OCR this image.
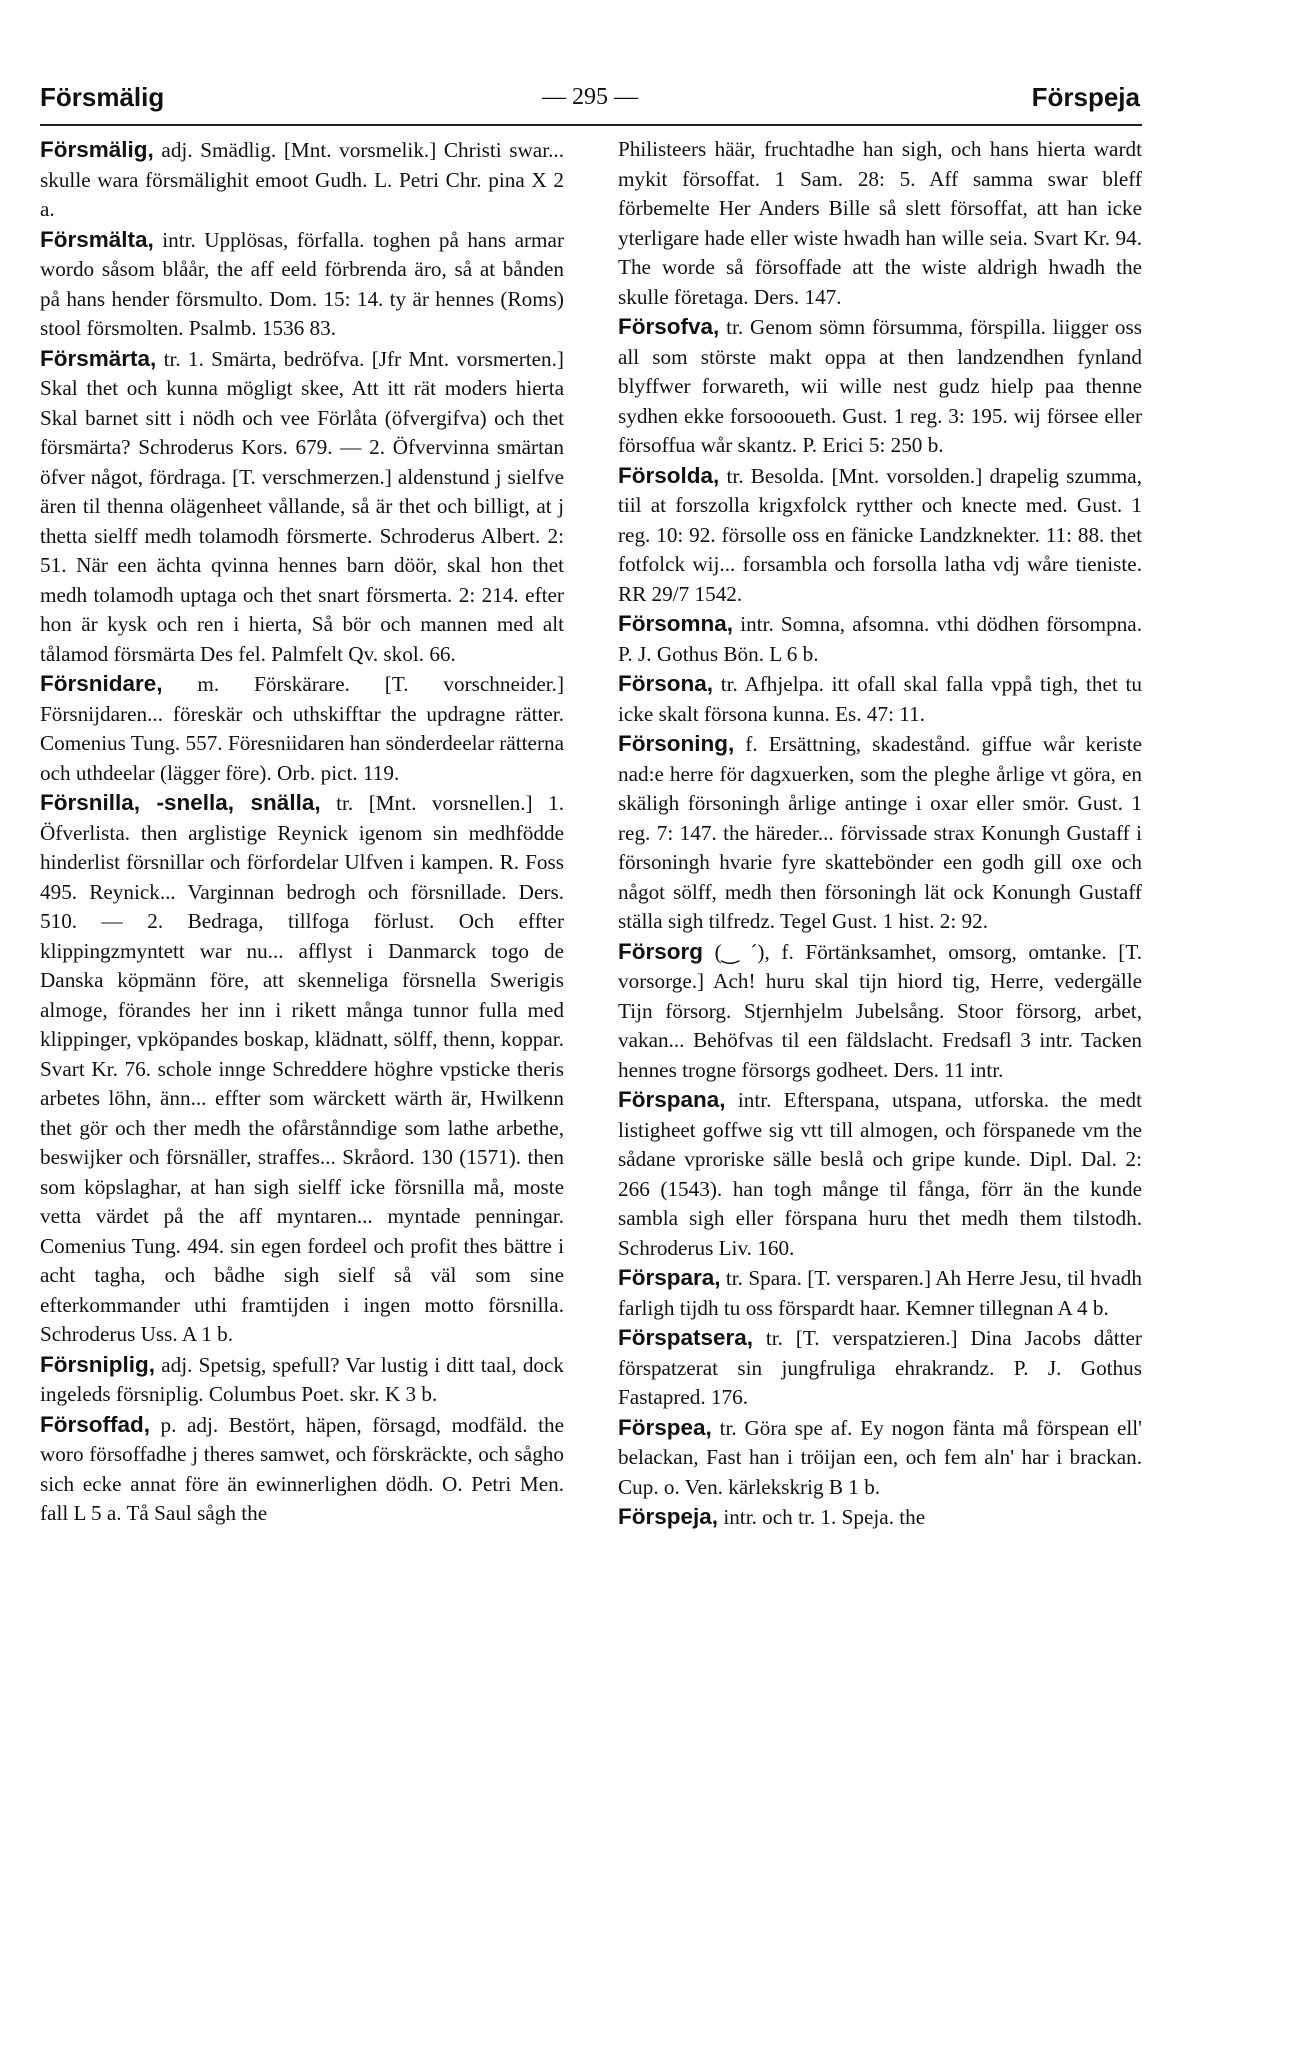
Försmälig	— 295 —	Förspeja

Försmälig, adj. Smädlig. [Mnt. vorsmelik.] Christi swar... skulle wara försmälighit emoot Gudh. L. Petri Chr. pina X 2 a.

Försmälta, intr. Upplösas, förfalla. toghen på hans armar wordo såsom blåår, the aff eeld förbrenda äro, så at bånden på hans hender försmulto. Dom. 15: 14. ty är hennes (Roms) stool försmolten. Psalmb. 1536 83.

Försmärta, tr. 1. Smärta, bedröfva. [Jfr Mnt. vorsmerten.] Skal thet och kunna mögligt skee, Att itt rät moders hierta Skal barnet sitt i nödh och vee Förlåta (öfvergifva) och thet försmärta? Schroderus Kors. 679. — 2. Öfvervinna smärtan öfver något, fördraga. [T. verschmerzen.] aldenstund j sielfve ären til thenna olägenheet vållande, så är thet och billigt, at j thetta sielff medh tolamodh försmerte. Schroderus Albert. 2: 51. När een ächta qvinna hennes barn döör, skal hon thet medh tolamodh uptaga och thet snart försmerta. 2: 214. efter hon är kysk och ren i hierta, Så bör och mannen med alt tålamod försmärta Des fel. Palmfelt Qv. skol. 66.

Försnidare, m. Förskärare. [T. vorschneider.] Försnijdaren... föreskär och uthskifftar the updragne rätter. Comenius Tung. 557. Föresniidaren han sönderdeelar rätterna och uthdeelar (lägger före). Orb. pict. 119.

Försnilla, -snella, snälla, tr. [Mnt. vorsnellen.] 1. Öfverlista. then arglistige Reynick igenom sin medhfödde hinderlist försnillar och förfordelar Ulfven i kampen. R. Foss 495. Reynick... Varginnan bedrogh och försnillade. Ders. 510. — 2. Bedraga, tillfoga förlust. Och effter klippingzmyntett war nu... afflyst i Danmarck togo de Danska köpmänn före, att skenneliga försnella Swerigis almoge, förandes her inn i rikett många tunnor fulla med klippinger, vpköpandes boskap, klädnatt, sölff, thenn, koppar. Svart Kr. 76. schole innge Schreddere höghre vpsticke theris arbetes löhn, änn... effter som wärckett wärth är, Hwilkenn thet gör och ther medh the ofårstånndige som lathe arbethe, beswijker och försnäller, straffes... Skråord. 130 (1571). then som köpslaghar, at han sigh sielff icke försnilla må, moste vetta värdet på the aff myntaren... myntade penningar. Comenius Tung. 494. sin egen fordeel och profit thes bättre i acht tagha, och bådhe sigh sielf så väl som sine efterkommander uthi framtijden i ingen motto försnilla. Schroderus Uss. A 1 b.

Försniplig, adj. Spetsig, spefull? Var lustig i ditt taal, dock ingeleds försniplig. Columbus Poet. skr. K 3 b.

Försoffad, p. adj. Bestört, häpen, försagd, modfäld. the woro försoffadhe j theres samwet, och förskräckte, och sågho sich ecke annat före än ewinnerlighen dödh. O. Petri Men. fall L 5 a. Tå Saul sågh the

Philisteers häär, fruchtadhe han sigh, och hans hierta wardt mykit försoffat. 1 Sam. 28: 5. Aff samma swar bleff förbemelte Her Anders Bille så slett försoffat, att han icke yterligare hade eller wiste hwadh han wille seia. Svart Kr. 94. The worde så försoffade att the wiste aldrigh hwadh the skulle företaga. Ders. 147.

Försofva, tr. Genom sömn försumma, förspilla. liigger oss all som störste makt oppa at then landzendhen fynland blyffwer forwareth, wii wille nest gudz hielp paa thenne sydhen ekke forsoooueth. Gust. 1 reg. 3: 195. wij försee eller försoffua wår skantz. P. Erici 5: 250 b.

Försolda, tr. Besolda. [Mnt. vorsolden.] drapelig szumma, tiil at forszolla krigxfolck rytther och knecte med. Gust. 1 reg. 10: 92. försolle oss en fänicke Landzknekter. 11: 88. thet fotfolck wij... forsambla och forsolla latha vdj wåre tieniste. RR 29/7 1542.

Försomna, intr. Somna, afsomna. vthi dödhen försompna. P. J. Gothus Bön. L 6 b.

Försona, tr. Afhjelpa. itt ofall skal falla vppå tigh, thet tu icke skalt försona kunna. Es. 47: 11.

Försoning, f. Ersättning, skadestånd. giffue wår keriste nad:e herre för dagxuerken, som the pleghe årlige vt göra, en skäligh försoningh årlige antinge i oxar eller smör. Gust. 1 reg. 7: 147. the häreder... förvissade strax Konungh Gustaff i försoningh hvarie fyre skattebönder een godh gill oxe och något sölff, medh then försoningh lät ock Konungh Gustaff ställa sigh tilfredz. Tegel Gust. 1 hist. 2: 92.

Försorg (‿ ´), f. Förtänksamhet, omsorg, omtanke. [T. vorsorge.] Ach! huru skal tijn hiord tig, Herre, vedergälle Tijn försorg. Stjernhjelm Jubelsång. Stoor försorg, arbet, vakan... Behöfvas til een fäldslacht. Fredsafl 3 intr. Tacken hennes trogne försorgs godheet. Ders. 11 intr.

Förspana, intr. Efterspana, utspana, utforska. the medt listigheet goffwe sig vtt till almogen, och förspanede vm the sådane vproriske sälle beslå och gripe kunde. Dipl. Dal. 2: 266 (1543). han togh månge til fånga, förr än the kunde sambla sigh eller förspana huru thet medh them tilstodh. Schroderus Liv. 160.

Förspara, tr. Spara. [T. versparen.] Ah Herre Jesu, til hvadh farligh tijdh tu oss förspardt haar. Kemner tillegnan A 4 b.

Förspatsera, tr. [T. verspatzieren.] Dina Jacobs dåtter förspatzerat sin jungfruliga ehrakrandz. P. J. Gothus Fastapred. 176.

Förspea, tr. Göra spe af. Ey nogon fänta må förspean ell' belackan, Fast han i tröijan een, och fem aln' har i brackan. Cup. o. Ven. kärlekskrig B 1 b.

Förspeja, intr. och tr. 1. Speja. the
